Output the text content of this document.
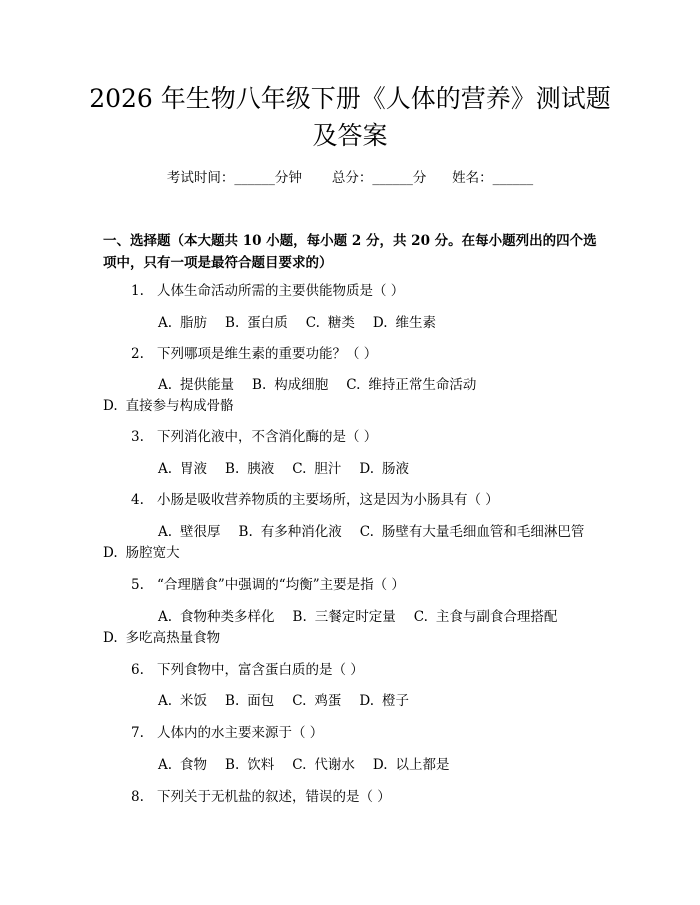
2026 年生物八年级下册《人体的营养》测试题及答案
考试时间：______分钟 总分：______分 姓名：______

一、选择题（本大题共 10 小题，每小题 2 分，共 20 分。在每小题列出的四个选项中，只有一项是最符合题目要求的）

1. 人体生命活动所需的主要供能物质是（ ）
A. 脂肪 B. 蛋白质 C. 糖类 D. 维生素
2. 下列哪项是维生素的重要功能？（ ）
A. 提供能量 B. 构成细胞 C. 维持正常生命活动D. 直接参与构成骨骼
3. 下列消化液中，不含消化酶的是（ ）
A. 胃液 B. 胰液 C. 胆汁 D. 肠液
4. 小肠是吸收营养物质的主要场所，这是因为小肠具有（ ）
A. 壁很厚 B. 有多种消化液 C. 肠壁有大量毛细血管和毛细淋巴管D. 肠腔宽大
5. “合理膳食”中强调的“均衡”主要是指（ ）
A. 食物种类多样化 B. 三餐定时定量 C. 主食与副食合理搭配D. 多吃高热量食物
6. 下列食物中，富含蛋白质的是（ ）
A. 米饭 B. 面包 C. 鸡蛋 D. 橙子
7. 人体内的水主要来源于（ ）
A. 食物 B. 饮料 C. 代谢水 D. 以上都是
8. 下列关于无机盐的叙述，错误的是（ ）
